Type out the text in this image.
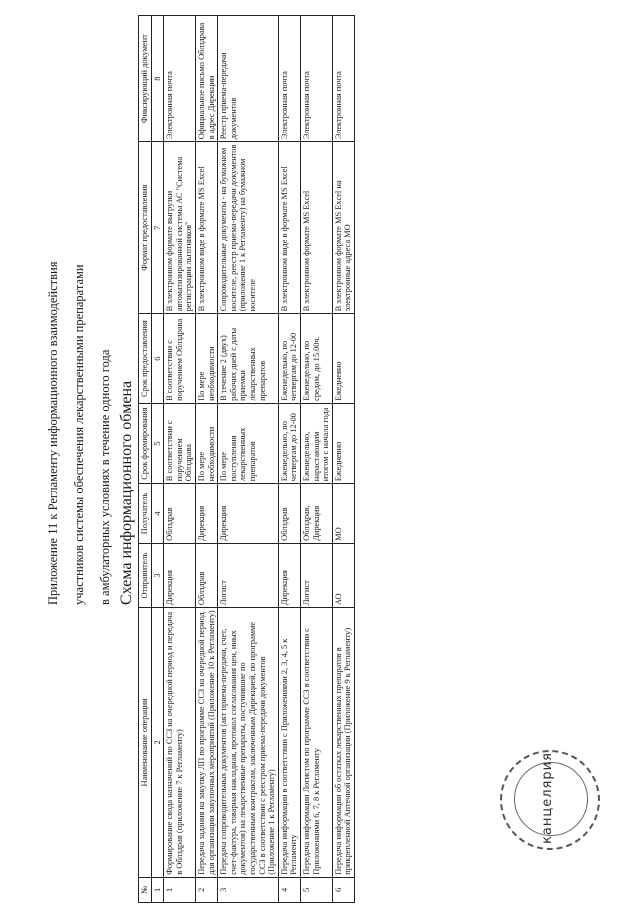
Приложение 11 к Регламенту информационного взаимодействия участников системы обеспечения лекарственными препаратами в амбулаторных условиях в течение одного года Схема информационного обмена
№	Наименование операции	Отправитель	Получатель	Срок формирования	Срок предоставления	Формат предоставления	Фиксирующий документ
1	2	3	4	5	6	7	8
1	Формирование свода назначений по ССЗ на очередной период и передача в Облздрав (приложение 7 к Регламенту)	Дирекция	Облздрав	В соответствии с поручением Облздрава	В соответствии с поручением Облздрава	В электронном формате выгрузки автоматизированной системы АС "Система регистрации льготников"	Электронная почта
2	Передача задания на закупку ЛП по программе ССЗ на очередной период для организации закупочных мероприятий (Приложение 10 к Регламенту)	Облздрав	Дирекция	По мере необходимости	По мере необходимости	В электронном виде в формате MS Excel	Официальное письмо Облздрава в адрес Дирекции
3	Передача сопроводительных документов (акт приема-передачи, счет, счет-фактура, товарная накладная, протокол согласования цен, иных документов) на лекарственные препараты, поступившие по государственным контрактам, заключенным Дирекцией, по программе ССЗ в соответствии с реестром приема-передачи документов (Приложение 1 к Регламенту)	Логист	Дирекция	По мере поступления лекарственных препаратов	В течение 2 (двух) рабочих дней с даты приемки лекарственных препаратов	Сопроводительные документы - на бумажном носителе, реестр приема-передачи документов (приложение 1 к Регламенту) на бумажном носителе	Реестр приема-передачи документов
4	Передача информации в соответствии с Приложениями 2, 3, 4, 5 к Регламенту	Дирекция	Облздрав	Еженедельно, по четвергам до 12-00	Еженедельно, по четвергам до 12-00	В электронном виде в формате MS Excel	Электронная почта
5	Передача информации Логистом по программе ССЗ в соответствии с Приложениями 6, 7, 8 к Регламенту	Логист	Облздрав, Дирекция	Еженедельно, нарастающим итогом с начала года	Еженедельно, по средам, до 15.00ч.	В электронном формате MS Excel	Электронная почта
6	Передача информации об остатках лекарственных препаратов в прикрепленной Аптечной организации (Приложение 9 к Регламенту)	АО	МО	Ежедневно	Ежедневно	В электронном формате MS Excel на электронные адреса МО	Электронная почта
канцелярия
